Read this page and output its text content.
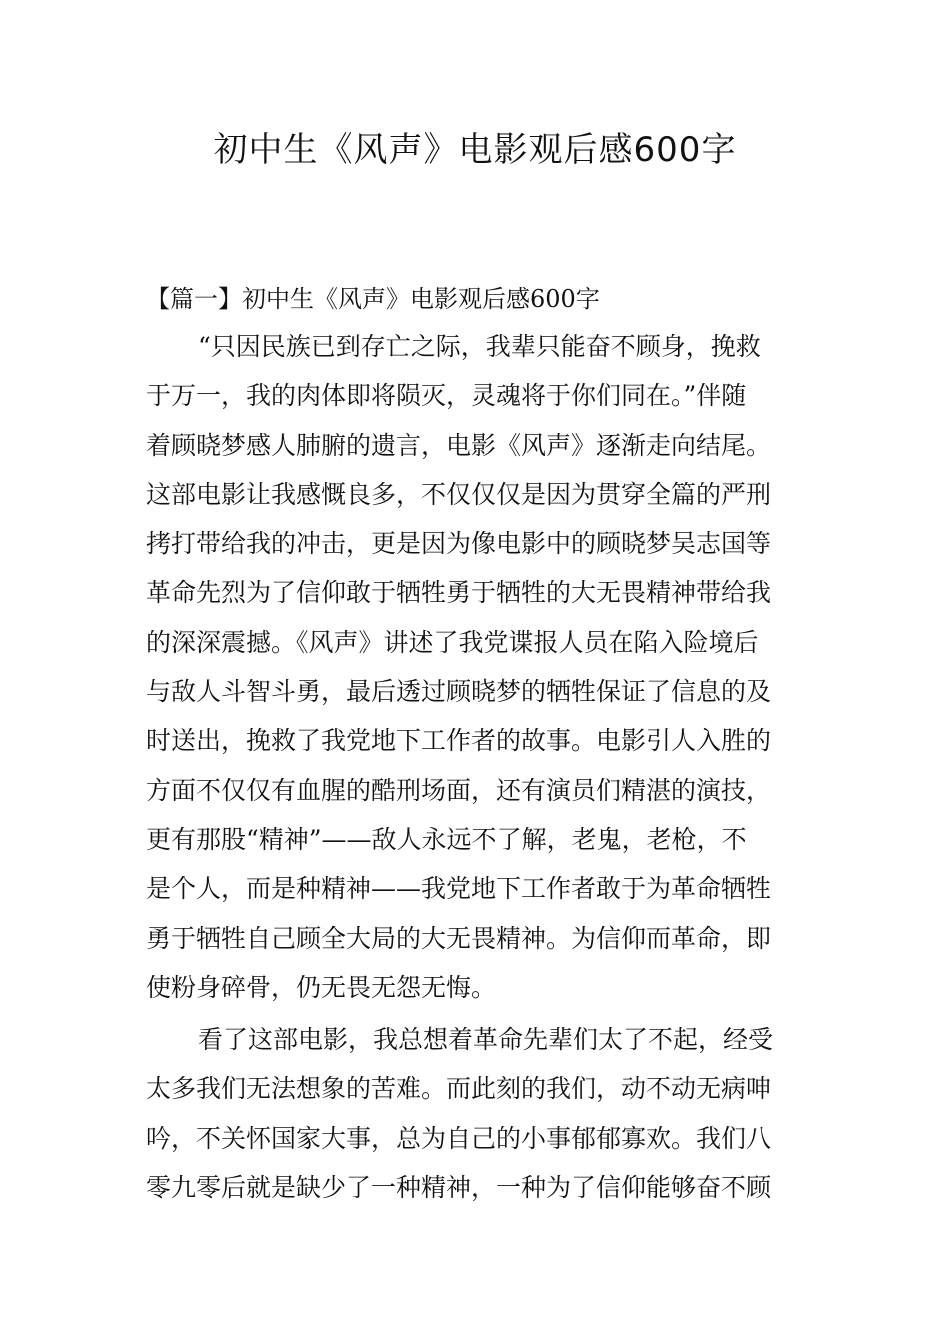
初中生《风声》电影观后感600字
【篇一】初中生《风声》电影观后感600字
“只因民族已到存亡之际，我辈只能奋不顾身，挽救
于万一，我的肉体即将陨灭，灵魂将于你们同在。”伴随
着顾晓梦感人肺腑的遗言，电影《风声》逐渐走向结尾。
这部电影让我感慨良多，不仅仅仅是因为贯穿全篇的严刑
拷打带给我的冲击，更是因为像电影中的顾晓梦吴志国等
革命先烈为了信仰敢于牺牲勇于牺牲的大无畏精神带给我
的深深震撼。《风声》讲述了我党谍报人员在陷入险境后
与敌人斗智斗勇，最后透过顾晓梦的牺牲保证了信息的及
时送出，挽救了我党地下工作者的故事。电影引人入胜的
方面不仅仅有血腥的酷刑场面，还有演员们精湛的演技，
更有那股“精神”——敌人永远不了解，老鬼，老枪，不
是个人，而是种精神——我党地下工作者敢于为革命牺牲
勇于牺牲自己顾全大局的大无畏精神。为信仰而革命，即
使粉身碎骨，仍无畏无怨无悔。
看了这部电影，我总想着革命先辈们太了不起，经受
太多我们无法想象的苦难。而此刻的我们，动不动无病呻
吟，不关怀国家大事，总为自己的小事郁郁寡欢。我们八
零九零后就是缺少了一种精神，一种为了信仰能够奋不顾
